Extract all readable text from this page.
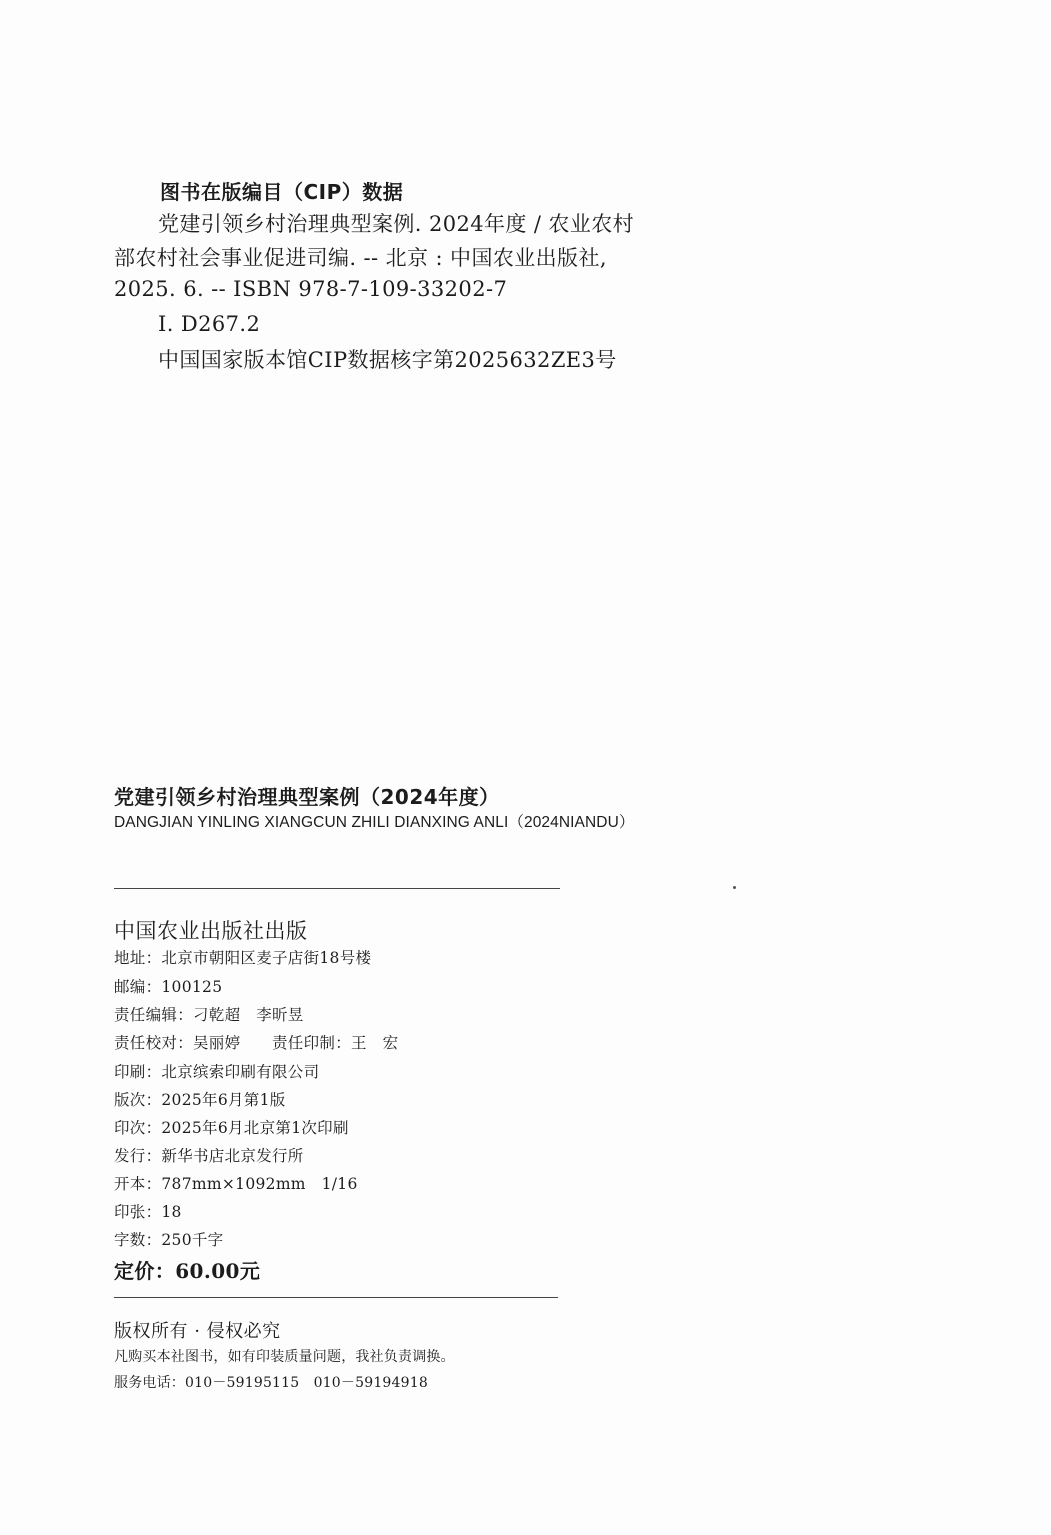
图书在版编目（CIP）数据
党建引领乡村治理典型案例. 2024年度 / 农业农村
部农村社会事业促进司编. -- 北京 : 中国农业出版社,
2025. 6. -- ISBN 978-7-109-33202-7
Ⅰ. D267.2
中国国家版本馆CIP数据核字第2025632ZE3号
党建引领乡村治理典型案例（2024年度）
DANGJIAN YINLING XIANGCUN ZHILI DIANXING ANLI（2024NIANDU）
中国农业出版社出版
地址：北京市朝阳区麦子店街18号楼
邮编：100125
责任编辑：刁乾超　李昕昱
责任校对：吴丽婷　　责任印制：王　宏
印刷：北京缤索印刷有限公司
版次：2025年6月第1版
印次：2025年6月北京第1次印刷
发行：新华书店北京发行所
开本：787mm×1092mm　1/16
印张：18
字数：250千字
定价：60.00元
版权所有 · 侵权必究
凡购买本社图书，如有印装质量问题，我社负责调换。
服务电话：010－59195115　010－59194918
